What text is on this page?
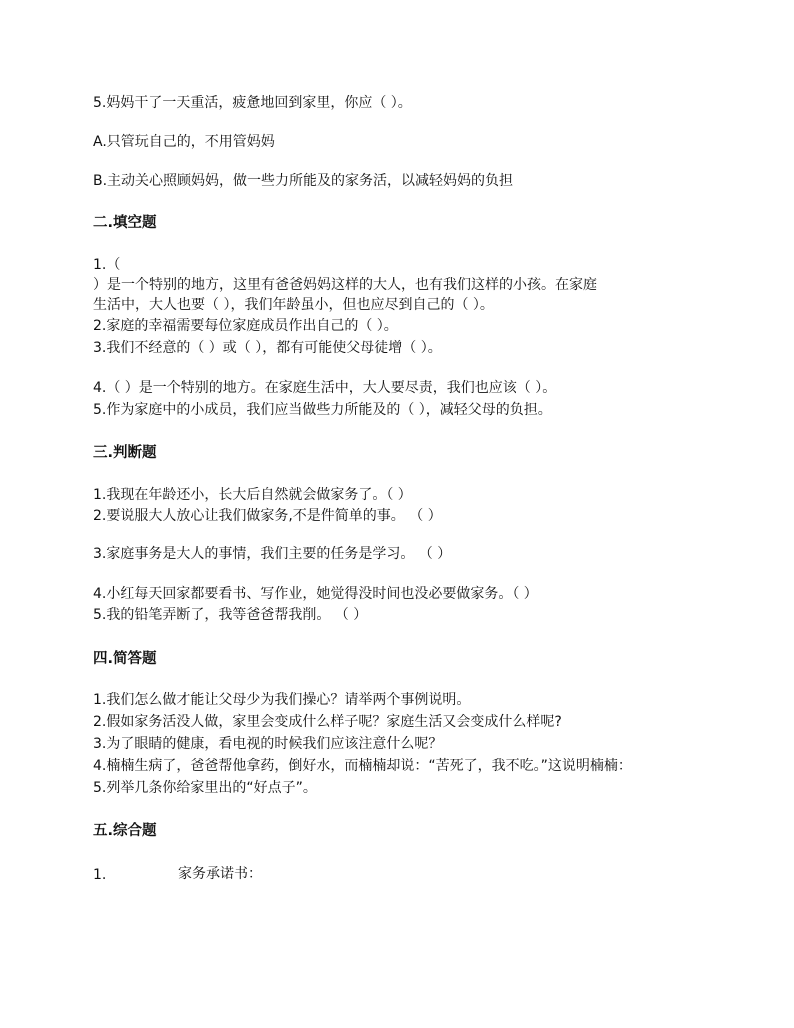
5.妈妈干了一天重活，疲惫地回到家里，你应（ ）。
A.只管玩自己的，不用管妈妈
B.主动关心照顾妈妈，做一些力所能及的家务活，以减轻妈妈的负担
二.填空题
1.（
）是一个特别的地方，这里有爸爸妈妈这样的大人，也有我们这样的小孩。在家庭
生活中，大人也要（ ），我们年龄虽小，但也应尽到自己的（ ）。
2.家庭的幸福需要每位家庭成员作出自己的（ ）。
3.我们不经意的（ ）或（ ），都有可能使父母徒增（ ）。
4.（ ）是一个特别的地方。在家庭生活中，大人要尽责，我们也应该（ ）。
5.作为家庭中的小成员，我们应当做些力所能及的（ ），减轻父母的负担。
三.判断题
1.我现在年龄还小，长大后自然就会做家务了。（ ）
2.要说服大人放心让我们做家务,不是件简单的事。 （ ）
3.家庭事务是大人的事情，我们主要的任务是学习。 （ ）
4.小红每天回家都要看书、写作业，她觉得没时间也没必要做家务。（ ）
5.我的铅笔弄断了，我等爸爸帮我削。 （ ）
四.简答题
1.我们怎么做才能让父母少为我们操心？请举两个事例说明。
2.假如家务活没人做，家里会变成什么样子呢？家庭生活又会变成什么样呢?
3.为了眼睛的健康，看电视的时候我们应该注意什么呢？
4.楠楠生病了，爸爸帮他拿药，倒好水，而楠楠却说：“苦死了，我不吃。”这说明楠楠：
5.列举几条你给家里出的“好点子”。
五.综合题
1.	家务承诺书：
